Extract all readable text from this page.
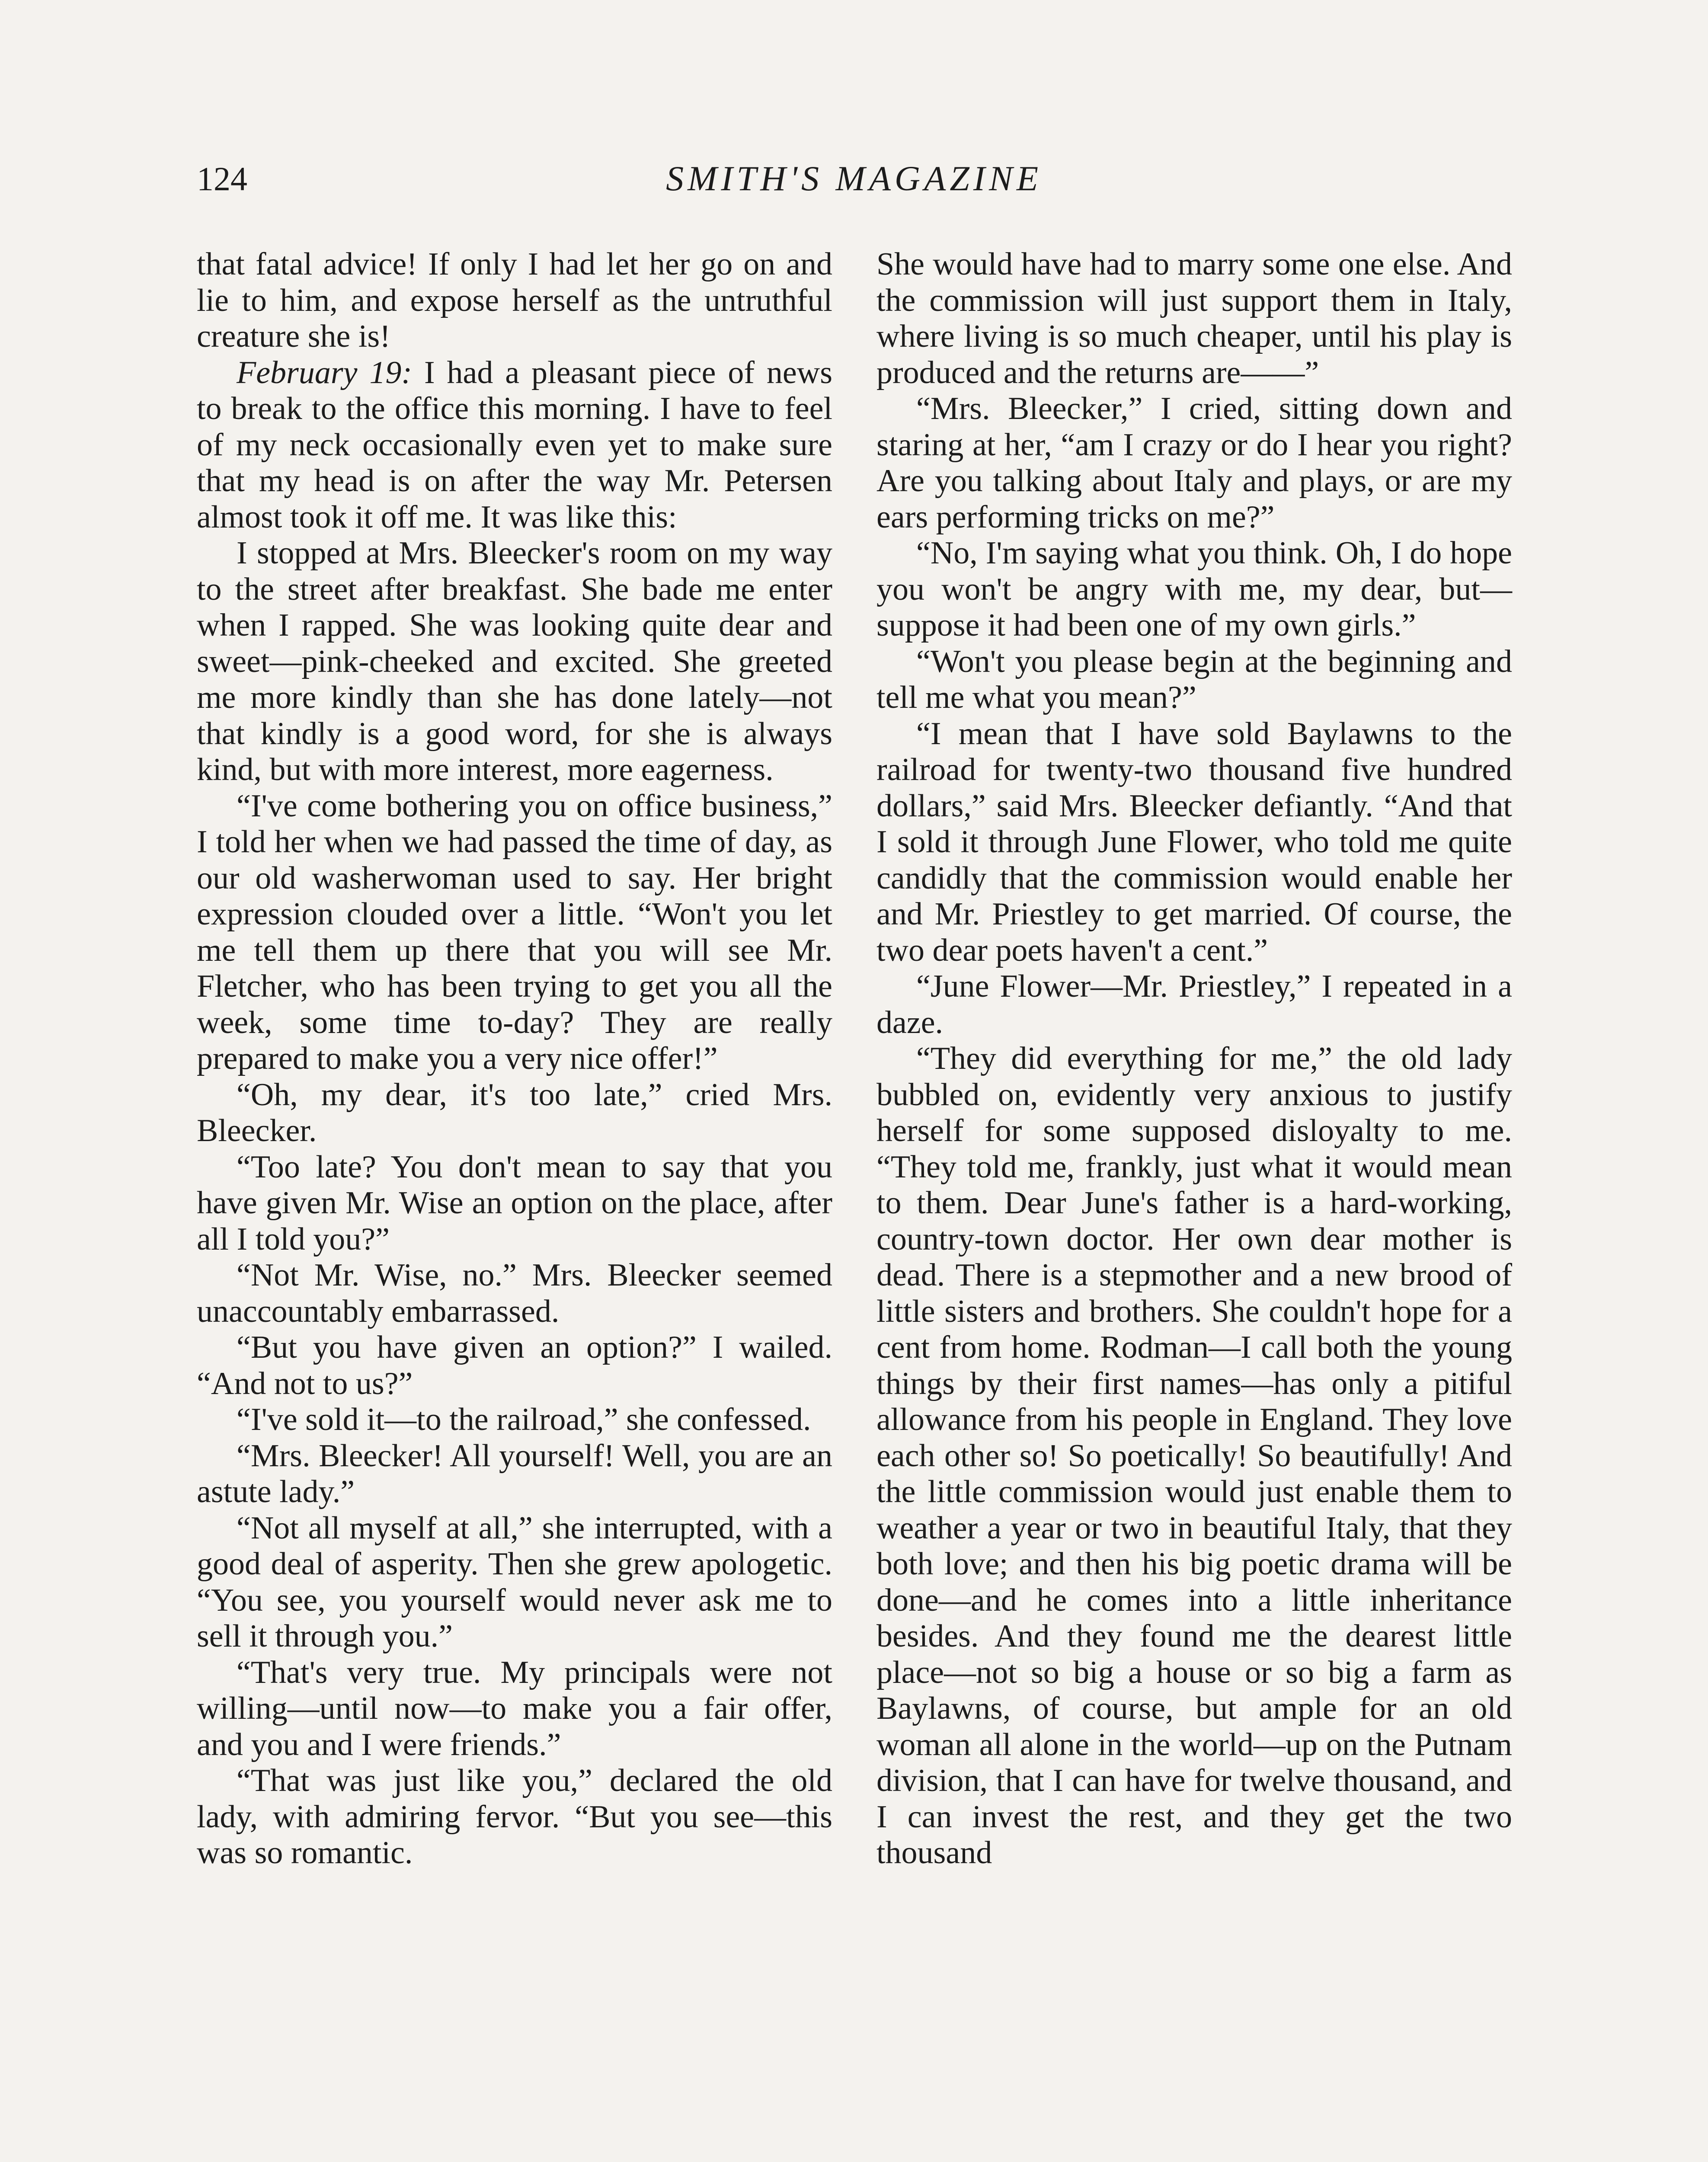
124	SMITH'S MAGAZINE

that fatal advice! If only I had let her go on and lie to him, and expose herself as the untruthful creature she is!

February 19: I had a pleasant piece of news to break to the office this morning. I have to feel of my neck occasionally even yet to make sure that my head is on after the way Mr. Petersen almost took it off me. It was like this:

I stopped at Mrs. Bleecker's room on my way to the street after breakfast. She bade me enter when I rapped. She was looking quite dear and sweet—pink-cheeked and excited. She greeted me more kindly than she has done lately—not that kindly is a good word, for she is always kind, but with more interest, more eagerness.

“I've come bothering you on office business,” I told her when we had passed the time of day, as our old washerwoman used to say. Her bright expression clouded over a little. “Won't you let me tell them up there that you will see Mr. Fletcher, who has been trying to get you all the week, some time to-day? They are really prepared to make you a very nice offer!”

“Oh, my dear, it's too late,” cried Mrs. Bleecker.

“Too late? You don't mean to say that you have given Mr. Wise an option on the place, after all I told you?”

“Not Mr. Wise, no.” Mrs. Bleecker seemed unaccountably embarrassed.

“But you have given an option?” I wailed. “And not to us?”

“I've sold it—to the railroad,” she confessed.

“Mrs. Bleecker! All yourself! Well, you are an astute lady.”

“Not all myself at all,” she interrupted, with a good deal of asperity. Then she grew apologetic. “You see, you yourself would never ask me to sell it through you.”

“That's very true. My principals were not willing—until now—to make you a fair offer, and you and I were friends.”

“That was just like you,” declared the old lady, with admiring fervor. “But you see—this was so romantic.

She would have had to marry some one else. And the commission will just support them in Italy, where living is so much cheaper, until his play is produced and the returns are——”

“Mrs. Bleecker,” I cried, sitting down and staring at her, “am I crazy or do I hear you right? Are you talking about Italy and plays, or are my ears performing tricks on me?”

“No, I'm saying what you think. Oh, I do hope you won't be angry with me, my dear, but—suppose it had been one of my own girls.”

“Won't you please begin at the beginning and tell me what you mean?”

“I mean that I have sold Baylawns to the railroad for twenty-two thousand five hundred dollars,” said Mrs. Bleecker defiantly. “And that I sold it through June Flower, who told me quite candidly that the commission would enable her and Mr. Priestley to get married. Of course, the two dear poets haven't a cent.”

“June Flower—Mr. Priestley,” I repeated in a daze.

“They did everything for me,” the old lady bubbled on, evidently very anxious to justify herself for some supposed disloyalty to me. “They told me, frankly, just what it would mean to them. Dear June's father is a hard-working, country-town doctor. Her own dear mother is dead. There is a stepmother and a new brood of little sisters and brothers. She couldn't hope for a cent from home. Rodman—I call both the young things by their first names—has only a pitiful allowance from his people in England. They love each other so! So poetically! So beautifully! And the little commission would just enable them to weather a year or two in beautiful Italy, that they both love; and then his big poetic drama will be done—and he comes into a little inheritance besides. And they found me the dearest little place—not so big a house or so big a farm as Baylawns, of course, but ample for an old woman all alone in the world—up on the Putnam division, that I can have for twelve thousand, and I can invest the rest, and they get the two thousand
